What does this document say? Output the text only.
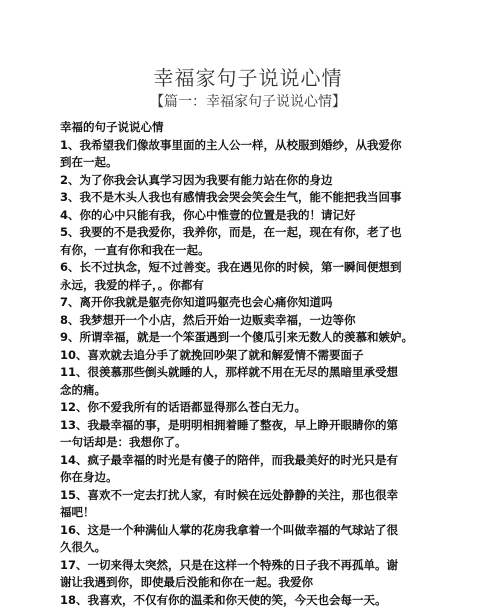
幸福家句子说说心情
【篇一：幸福家句子说说心情】
幸福的句子说说心情
1、我希望我们像故事里面的主人公一样，从校服到婚纱，从我爱你
到在一起。
2、为了你我会认真学习因为我要有能力站在你的身边
3、我不是木头人我也有感情我会哭会笑会生气，能不能把我当回事
4、你的心中只能有我，你心中惟壹的位置是我的！请记好
5、我要的不是我爱你，我养你，而是，在一起，现在有你，老了也
有你，一直有你和我在一起。
6、长不过执念，短不过善变。我在遇见你的时候，第一瞬间便想到
永远，我爱的样子，。你都有
7、离开你我就是躯壳你知道吗躯壳也会心痛你知道吗
8、我梦想开一个小店，然后开始一边贩卖幸福，一边等你
9、所谓幸福，就是一个笨蛋遇到一个傻瓜引来无数人的羡慕和嫉妒。
10、喜欢就去追分手了就挽回吵架了就和解爱情不需要面子
11、很羡慕那些倒头就睡的人，那样就不用在无尽的黑暗里承受想
念的痛。
12、你不爱我所有的话语都显得那么苍白无力。
13、我最幸福的事，是明明相拥着睡了整夜，早上睁开眼睛你的第
一句话却是：我想你了。
14、疯子最幸福的时光是有傻子的陪伴，而我最美好的时光只是有
你在身边。
15、喜欢不一定去打扰人家，有时候在远处静静的关注，那也很幸
福吧！
16、这是一个种满仙人掌的花房我拿着一个叫做幸福的气球站了很
久很久。
17、一切来得太突然，只是在这样一个特殊的日子我不再孤单。谢
谢让我遇到你，即使最后没能和你在一起。我爱你
18、我喜欢，不仅有你的温柔和你天使的笑，今天也会每一天。
